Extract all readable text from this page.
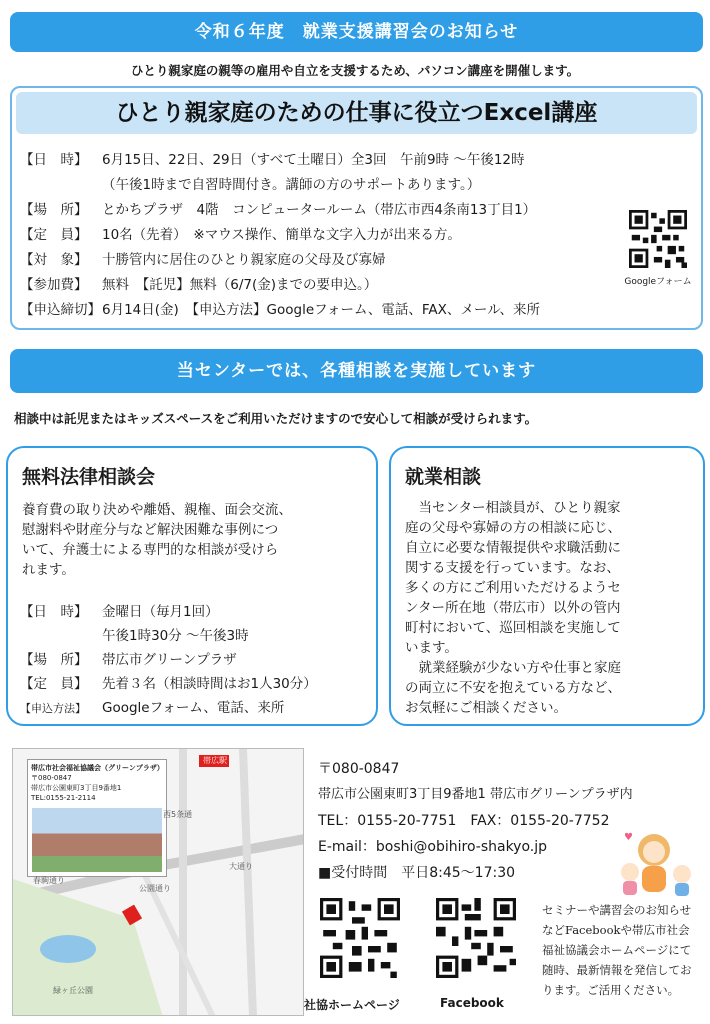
令和６年度　就業支援講習会のお知らせ
ひとり親家庭の親等の雇用や自立を支援するため、パソコン講座を開催します。
ひとり親家庭のための仕事に役立つExcel講座
【日　時】 6月15日、22日、29日（すべて土曜日）全3回　午前9時 ～午後12時
（午後1時まで自習時間付き。講師の方のサポートあります。）
【場　所】 とかちプラザ　4階　コンピュータールーム（帯広市西4条南13丁目1）
【定　員】 10名（先着）　※マウス操作、簡単な文字入力が出来る方。
【対　象】 十勝管内に居住のひとり親家庭の父母及び寡婦
【参加費】 無料　【託児】無料（6/7(金)までの要申込。）
【申込締切】6月14日(金)　【申込方法】Googleフォーム、電話、FAX、メール、来所
Googleフォーム
当センターでは、各種相談を実施しています
相談中は託児またはキッズスペースをご利用いただけますので安心して相談が受けられます。
無料法律相談会
養育費の取り決めや離婚、親権、面会交流、
慰謝料や財産分与など解決困難な事例につ
いて、弁護士による専門的な相談が受けら
れます。
【日　時】 金曜日（毎月1回）
午後1時30分 ～午後3時
【場　所】 帯広市グリーンプラザ
【定　員】 先着３名（相談時間はお1人30分）
【申込方法】 Googleフォーム、電話、来所
就業相談
　当センター相談員が、ひとり親家
庭の父母や寡婦の方の相談に応じ、
自立に必要な情報提供や求職活動に
関する支援を行っています。なお、
多くの方にご利用いただけるようセ
ンター所在地（帯広市）以外の管内
町村において、巡回相談を実施して
います。
　就業経験が少ない方や仕事と家庭
の両立に不安を抱えている方など、
お気軽にご相談ください。
帯広市社会福祉協議会（グリーンプラザ）
〒080-0847
帯広市公園東町3丁目9番地1
TEL:0155-21-2114
帯広駅
緑ヶ丘公園
公園通り
春駒通り
大通り
西5条通
〒080-0847
帯広市公園東町3丁目9番地1 帯広市グリーンプラザ内
TEL：0155-20-7751　FAX：0155-20-7752
E-mail：boshi@obihiro-shakyo.jp
■受付時間　平日8:45～17:30
♥
社協ホームページ	Facebook
セミナーや講習会のお知らせなどFacebookや帯広市社会福祉協議会ホームページにて随時、最新情報を発信しております。ご活用ください。
